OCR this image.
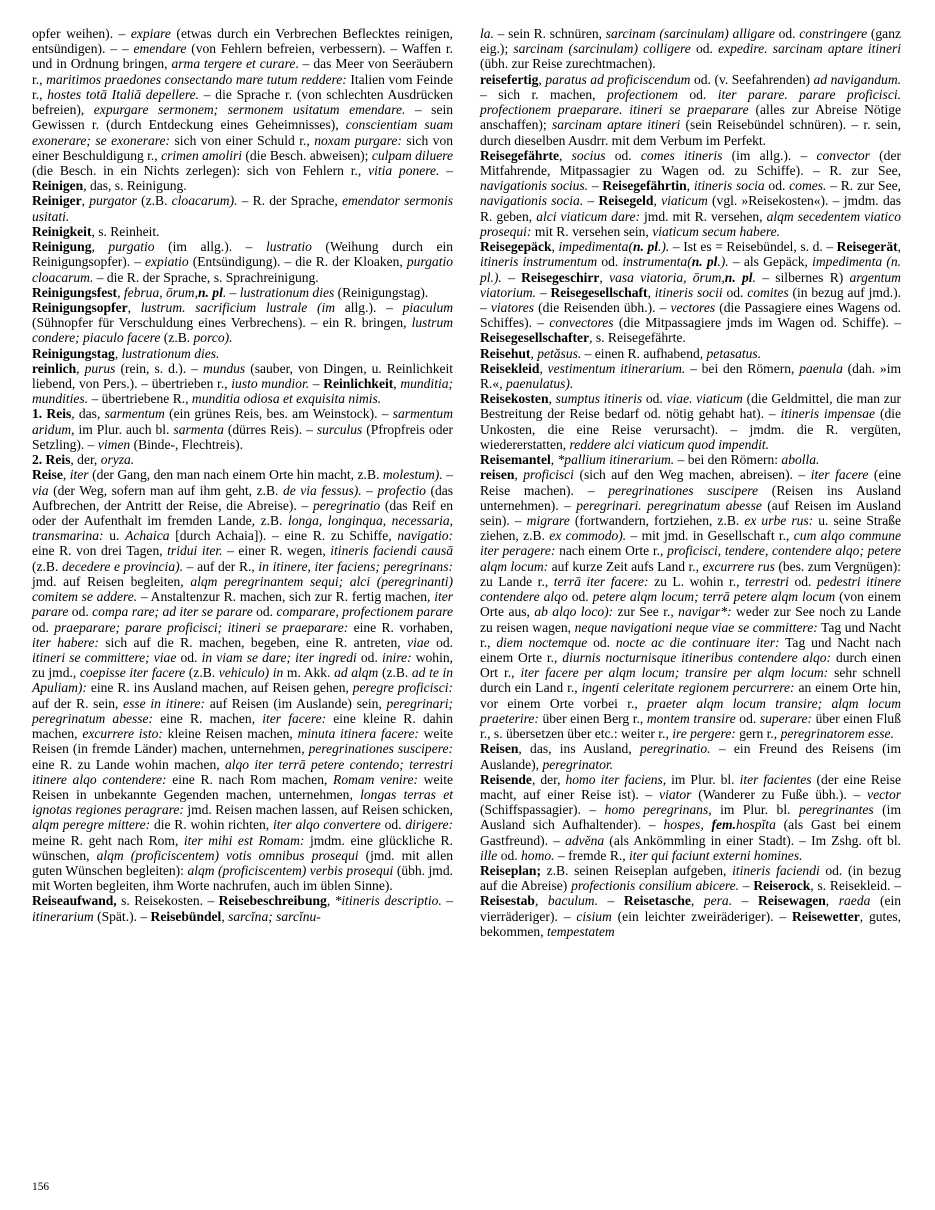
opfer weihen). – expiare (etwas durch ein Verbrechen Beflecktes reinigen, entsündigen). – – emendare (von Fehlern befreien, verbessern). – Waffen r. und in Ordnung bringen, arma tergere et curare. – das Meer von Seeräubern r., maritimos praedones consectando mare tutum reddere: Italien vom Feinde r., hostes totā Italiā depellere. – die Sprache r. (von schlechten Ausdrücken befreien), expurgare sermonem; sermonem usitatum emendare. – sein Gewissen r. (durch Entdeckung eines Geheimnisses), conscientiam suam exonerare; se exonerare: sich von einer Schuld r., noxam purgare: sich von einer Beschuldigung r., crimen amoliri (die Besch. abweisen); culpam diluere (die Besch. in ein Nichts zerlegen): sich von Fehlern r., vitia ponere. – Reinigen, das, s. Reinigung.

Reiniger, purgator (z.B. cloacarum). – R. der Sprache, emendator sermonis usitati.

Reinigkeit, s. Reinheit.

Reinigung, purgatio (im allg.). – lustratio (Weihung durch ein Reinigungsopfer). – expiatio (Entsündigung). – die R. der Kloaken, purgatio cloacarum. – die R. der Sprache, s. Sprachreinigung.

Reinigungsfest, februa, ōrum,n. pl. – lustrationum dies (Reinigungstag).

Reinigungsopfer, lustrum. sacrificium lustrale (im allg.). – piaculum (Sühnopfer für Verschuldung eines Verbrechens). – ein R. bringen, lustrum condere; piaculo facere (z.B. porco).

Reinigungstag, lustrationum dies.

reinlich, purus (rein, s. d.). – mundus (sauber, von Dingen, u. Reinlichkeit liebend, von Pers.). – übertrieben r., iusto mundior. – Reinlichkeit, munditia; mundities. – übertriebene R., munditia odiosa et exquisita nimis.

1. Reis, das, sarmentum (ein grünes Reis, bes. am Weinstock). – sarmentum aridum, im Plur. auch bl. sarmenta (dürres Reis). – surculus (Pfropfreis oder Setzling). – vimen (Binde-, Flechtreis).

2. Reis, der, oryza.

Reise, iter (der Gang, den man nach einem Orte hin macht, z.B. molestum). – via (der Weg, sofern man auf ihm geht, z.B. de via fessus). – profectio (das Aufbrechen, der Antritt der Reise, die Abreise). – peregrinatio (das Reif en oder der Aufenthalt im fremden Lande, z.B. longa, longinqua, necessaria, transmarina: u. Achaica [durch Achaia]). – eine R. zu Schiffe, navigatio: eine R. von drei Tagen, tridui iter. – einer R. wegen, itineris faciendi causā (z.B. decedere e provincia). – auf der R., in itinere, iter faciens; peregrinans: jmd. auf Reisen begleiten, alqm peregrinantem sequi; alci (peregrinanti) comitem se addere. – Anstaltenzur R. machen, sich zur R. fertig machen, iter parare od. compa rare; ad iter se parare od. comparare, profectionem parare od. praeparare; parare proficisci; itineri se praeparare: eine R. vorhaben, iter habere: sich auf die R. machen, begeben, eine R. antreten, viae od. itineri se committere; viae od. in viam se dare; iter ingredi od. inire: wohin, zu jmd., coepisse iter facere (z.B. vehiculo) in m. Akk. ad alqm (z.B. ad te in Apuliam): eine R. ins Ausland machen, auf Reisen gehen, peregre proficisci: auf der R. sein, esse in itinere: auf Reisen (im Auslande) sein, peregrinari; peregrinatum abesse: eine R. machen, iter facere: eine kleine R. dahin machen, excurrere isto: kleine Reisen machen, minuta itinera facere: weite Reisen (in fremde Länder) machen, unternehmen, peregrinationes suscipere: eine R. zu Lande wohin machen, alqo iter terrā petere contendo; terrestri itinere alqo contendere: eine R. nach Rom machen, Romam venire: weite Reisen in unbekannte Gegenden machen, unternehmen, longas terras et ignotas regiones peragrare: jmd. Reisen machen lassen, auf Reisen schicken, alqm peregre mittere: die R. wohin richten, iter alqo convertere od. dirigere: meine R. geht nach Rom, iter mihi est Romam: jmdm. eine glückliche R. wünschen, alqm (proficiscentem) votis omnibus prosequi (jmd. mit allen guten Wünschen begleiten): alqm (proficiscentem) verbis prosequi (übh. jmd. mit Worten begleiten, ihm Worte nachrufen, auch im üblen Sinne).

Reiseaufwand, s. Reisekosten. – Reisebeschreibung, *itineris descriptio. – itinerarium (Spät.). – Reisebündel, sarcĭna; sarcĭnu-

la. – sein R. schnüren, sarcinam (sarcinulam) alligare od. constringere (ganz eig.); sarcinam (sarcinulam) colligere od. expedire. sarcinam aptare itineri (übh. zur Reise zurechtmachen).

reisefertig, paratus ad proficiscendum od. (v. Seefahrenden) ad navigandum. – sich r. machen, profectionem od. iter parare. parare proficisci. profectionem praeparare. itineri se praeparare (alles zur Abreise Nötige anschaffen); sarcinam aptare itineri (sein Reisebündel schnüren). – r. sein, durch dieselben Ausdrr. mit dem Verbum im Perfekt.

Reisegefährte, socius od. comes itineris (im allg.). – convector (der Mitfahrende, Mitpassagier zu Wagen od. zu Schiffe). – R. zur See, navigationis socius. – Reisegefährtin, itineris socia od. comes. – R. zur See, navigationis socia. – Reisegeld, viaticum (vgl. »Reisekosten«). – jmdm. das R. geben, alci viaticum dare: jmd. mit R. versehen, alqm secedentem viatico prosequi: mit R. versehen sein, viaticum secum habere.

Reisegepäck, impedimenta(n. pl.). – Ist es = Reisebündel, s. d. – Reisegerät, itineris instrumentum od. instrumenta(n. pl.). – als Gepäck, impedimenta (n. pl.). – Reisegeschirr, vasa viatoria, ōrum,n. pl. – silbernes R) argentum viatorium. – Reisegesellschaft, itineris socii od. comites (in bezug auf jmd.). – viatores (die Reisenden übh.). – vectores (die Passagiere eines Wagens od. Schiffes). – convectores (die Mitpassagiere jmds im Wagen od. Schiffe). – Reisegesellschafter, s. Reisegefährte.

Reisehut, petăsus. – einen R. aufhabend, petasatus.

Reisekleid, vestimentum itinerarium. – bei den Römern, paenula (dah. »im R.«, paenulatus).

Reisekosten, sumptus itineris od. viae. viaticum (die Geldmittel, die man zur Bestreitung der Reise bedarf od. nötig gehabt hat). – itineris impensae (die Unkosten, die eine Reise verursacht). – jmdm. die R. vergüten, wiedererstatten, reddere alci viaticum quod impendit.

Reisemantel, *pallium itinerarium. – bei den Römern: abolla.

reisen, proficisci (sich auf den Weg machen, abreisen). – iter facere (eine Reise machen). – peregrinationes suscipere (Reisen ins Ausland unternehmen). – peregrinari. peregrinatum abesse (auf Reisen im Ausland sein). – migrare (fortwandern, fortziehen, z.B. ex urbe rus: u. seine Straße ziehen, z.B. ex commodo). – mit jmd. in Gesellschaft r., cum alqo commune iter peragere: nach einem Orte r., proficisci, tendere, contendere alqo; petere alqm locum: auf kurze Zeit aufs Land r., excurrere rus (bes. zum Vergnügen): zu Lande r., terrā iter facere: zu L. wohin r., terrestri od. pedestri itinere contendere alqo od. petere alqm locum; terrā petere alqm locum (von einem Orte aus, ab alqo loco): zur See r., navigar*: weder zur See noch zu Lande zu reisen wagen, neque navigationi neque viae se committere: Tag und Nacht r., diem noctemque od. nocte ac die continuare iter: Tag und Nacht nach einem Orte r., diurnis nocturnisque itineribus contendere alqo: durch einen Ort r., iter facere per alqm locum; transire per alqm locum: sehr schnell durch ein Land r., ingenti celeritate regionem percurrere: an einem Orte hin, vor einem Orte vorbei r., praeter alqm locum transire; alqm locum praeterire: über einen Berg r., montem transire od. superare: über einen Fluß r., s. übersetzen über etc.: weiter r., ire pergere: gern r., peregrinatorem esse.

Reisen, das, ins Ausland, peregrinatio. – ein Freund des Reisens (im Auslande), peregrinator.

Reisende, der, homo iter faciens, im Plur. bl. iter facientes (der eine Reise macht, auf einer Reise ist). – viator (Wanderer zu Fuße übh.). – vector (Schiffspassagier). – homo peregrinans, im Plur. bl. peregrinantes (im Ausland sich Aufhaltender). – hospes, fem.hospĭta (als Gast bei einem Gastfreund). – advĕna (als Ankömmling in einer Stadt). – Im Zshg. oft bl. ille od. homo. – fremde R., iter qui faciunt externi homines.

Reiseplan; z.B. seinen Reiseplan aufgeben, itineris faciendi od. (in bezug auf die Abreise) profectionis consilium abicere. – Reiserock, s. Reisekleid. – Reisestab, baculum. – Reisetasche, pera. – Reisewagen, raeda (ein vierräderiger). – cisium (ein leichter zweiräderiger). – Reisewetter, gutes, bekommen, tempestatem

156
